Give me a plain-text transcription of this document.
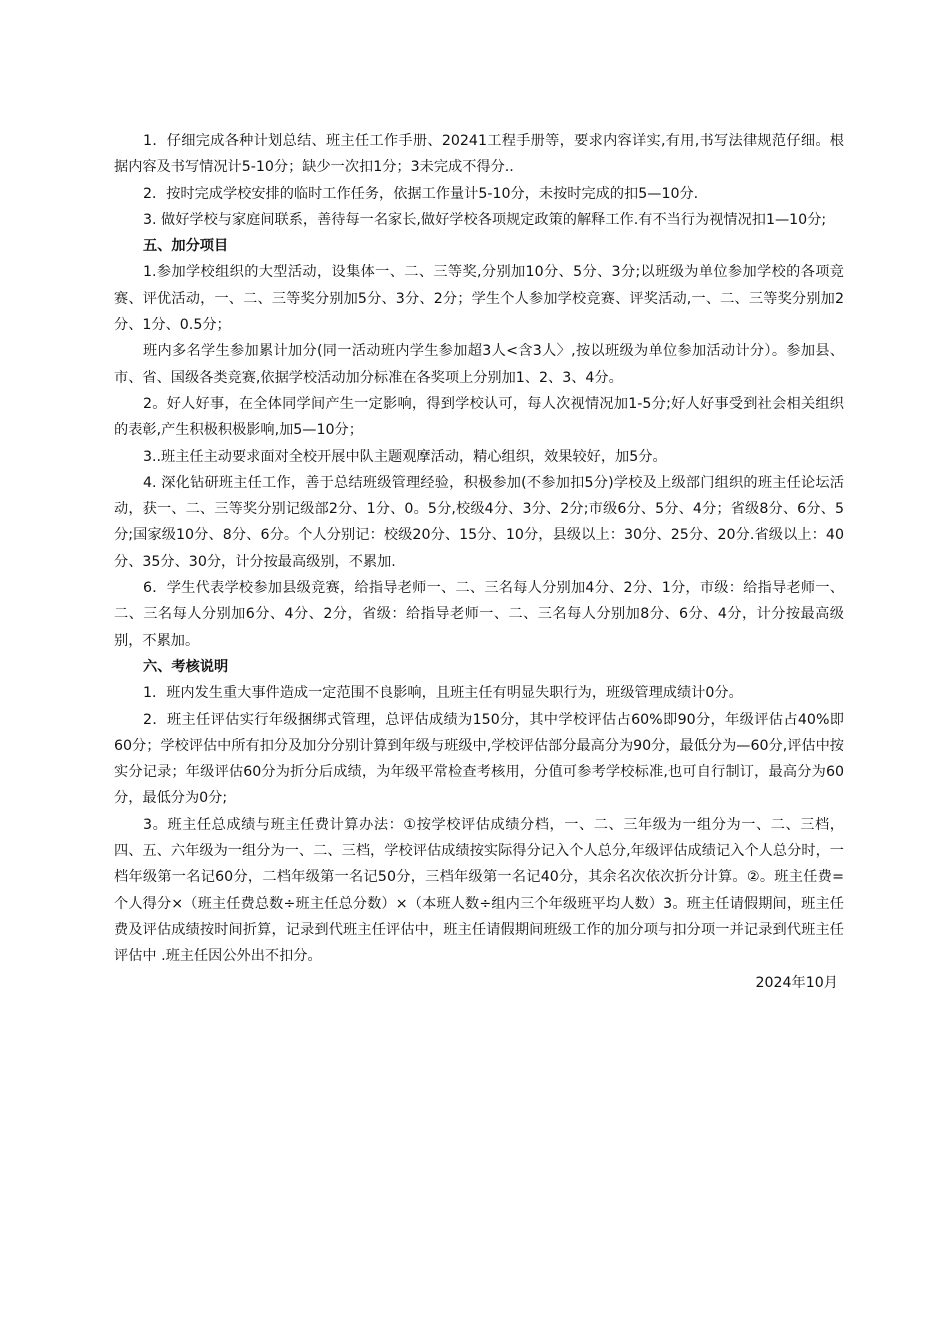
1．仔细完成各种计划总结、班主任工作手册、20241工程手册等，要求内容详实,有用,书写法律规范仔细。根据内容及书写情况计5-10分；缺少一次扣1分；3未完成不得分..

2．按时完成学校安排的临时工作任务，依据工作量计5-10分，未按时完成的扣5—10分.

3. 做好学校与家庭间联系，善待每一名家长,做好学校各项规定政策的解释工作.有不当行为视情况扣1—10分;

五、加分项目

1.参加学校组织的大型活动，设集体一、二、三等奖,分别加10分、5分、3分;以班级为单位参加学校的各项竞赛、评优活动，一、二、三等奖分别加5分、3分、2分；学生个人参加学校竞赛、评奖活动,一、二、三等奖分别加2分、1分、0.5分；

班内多名学生参加累计加分(同一活动班内学生参加超3人<含3人〉,按以班级为单位参加活动计分）。参加县、市、省、国级各类竞赛,依据学校活动加分标准在各奖项上分别加1、2、3、4分。

2。好人好事，在全体同学间产生一定影响，得到学校认可，每人次视情况加1-5分;好人好事受到社会相关组织的表彰,产生积极积极影响,加5—10分；

3..班主任主动要求面对全校开展中队主题观摩活动，精心组织，效果较好，加5分。

4. 深化钻研班主任工作，善于总结班级管理经验，积极参加(不参加扣5分)学校及上级部门组织的班主任论坛活动，获一、二、三等奖分别记级部2分、1分、0。5分,校级4分、3分、2分;市级6分、5分、4分；省级8分、6分、5分;国家级10分、8分、6分。个人分别记：校级20分、15分、10分，县级以上：30分、25分、20分.省级以上：40分、35分、30分，计分按最高级别，不累加.

6．学生代表学校参加县级竞赛，给指导老师一、二、三名每人分别加4分、2分、1分，市级：给指导老师一、二、三名每人分别加6分、4分、2分，省级：给指导老师一、二、三名每人分别加8分、6分、4分，计分按最高级别，不累加。

六、考核说明

1．班内发生重大事件造成一定范围不良影响，且班主任有明显失职行为，班级管理成绩计0分。

2．班主任评估实行年级捆绑式管理，总评估成绩为150分，其中学校评估占60%即90分，年级评估占40%即60分；学校评估中所有扣分及加分分别计算到年级与班级中,学校评估部分最高分为90分，最低分为—60分,评估中按实分记录；年级评估60分为折分后成绩，为年级平常检查考核用，分值可参考学校标准,也可自行制订，最高分为60分，最低分为0分;

3。班主任总成绩与班主任费计算办法：①按学校评估成绩分档，一、二、三年级为一组分为一、二、三档，四、五、六年级为一组分为一、二、三档，学校评估成绩按实际得分记入个人总分,年级评估成绩记入个人总分时，一档年级第一名记60分，二档年级第一名记50分，三档年级第一名记40分，其余名次依次折分计算。②。班主任费=个人得分×（班主任费总数÷班主任总分数）×（本班人数÷组内三个年级班平均人数）3。班主任请假期间，班主任费及评估成绩按时间折算，记录到代班主任评估中，班主任请假期间班级工作的加分项与扣分项一并记录到代班主任评估中 .班主任因公外出不扣分。

2024年10月
